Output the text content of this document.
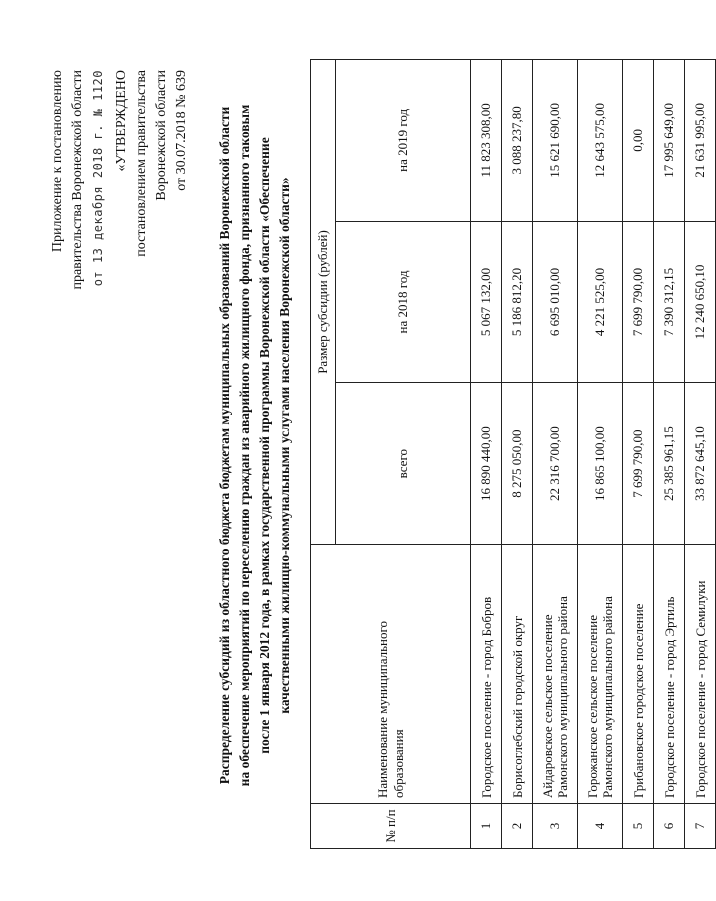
Приложение к постановлению правительства Воронежской области от 13 декабря 2018 г. № 1120 «УТВЕРЖДЕНО постановлением правительства Воронежской области от 30.07.2018 № 639 Распределение субсидий из областного бюджета бюджетам муниципальных образований Воронежской области на обеспечение мероприятий по переселению граждан из аварийного жилищного фонда, признанного таковым после 1 января 2012 года, в рамках государственной программы Воронежской области «Обеспечение качественными жилищно-коммунальными услугами населения Воронежской области»
№ п/п	Наименование муниципального образования	Размер субсидии (рублей)		
		всего	на 2018 год	на 2019 год
1	Городское поселение - город Бобров	16 890 440,00	5 067 132,00	11 823 308,00
2	Борисоглебский городской округ	8 275 050,00	5 186 812,20	3 088 237,80
3	Айдаровское сельское поселение Рамонского муниципального района	22 316 700,00	6 695 010,00	15 621 690,00
4	Горожанское сельское поселение Рамонского муниципального района	16 865 100,00	4 221 525,00	12 643 575,00
5	Грибановское городское поселение	7 699 790,00	7 699 790,00	0,00
6	Городское поселение - город Эртиль	25 385 961,15	7 390 312,15	17 995 649,00
7	Городское поселение - город Семилуки	33 872 645,10	12 240 650,10	21 631 995,00
